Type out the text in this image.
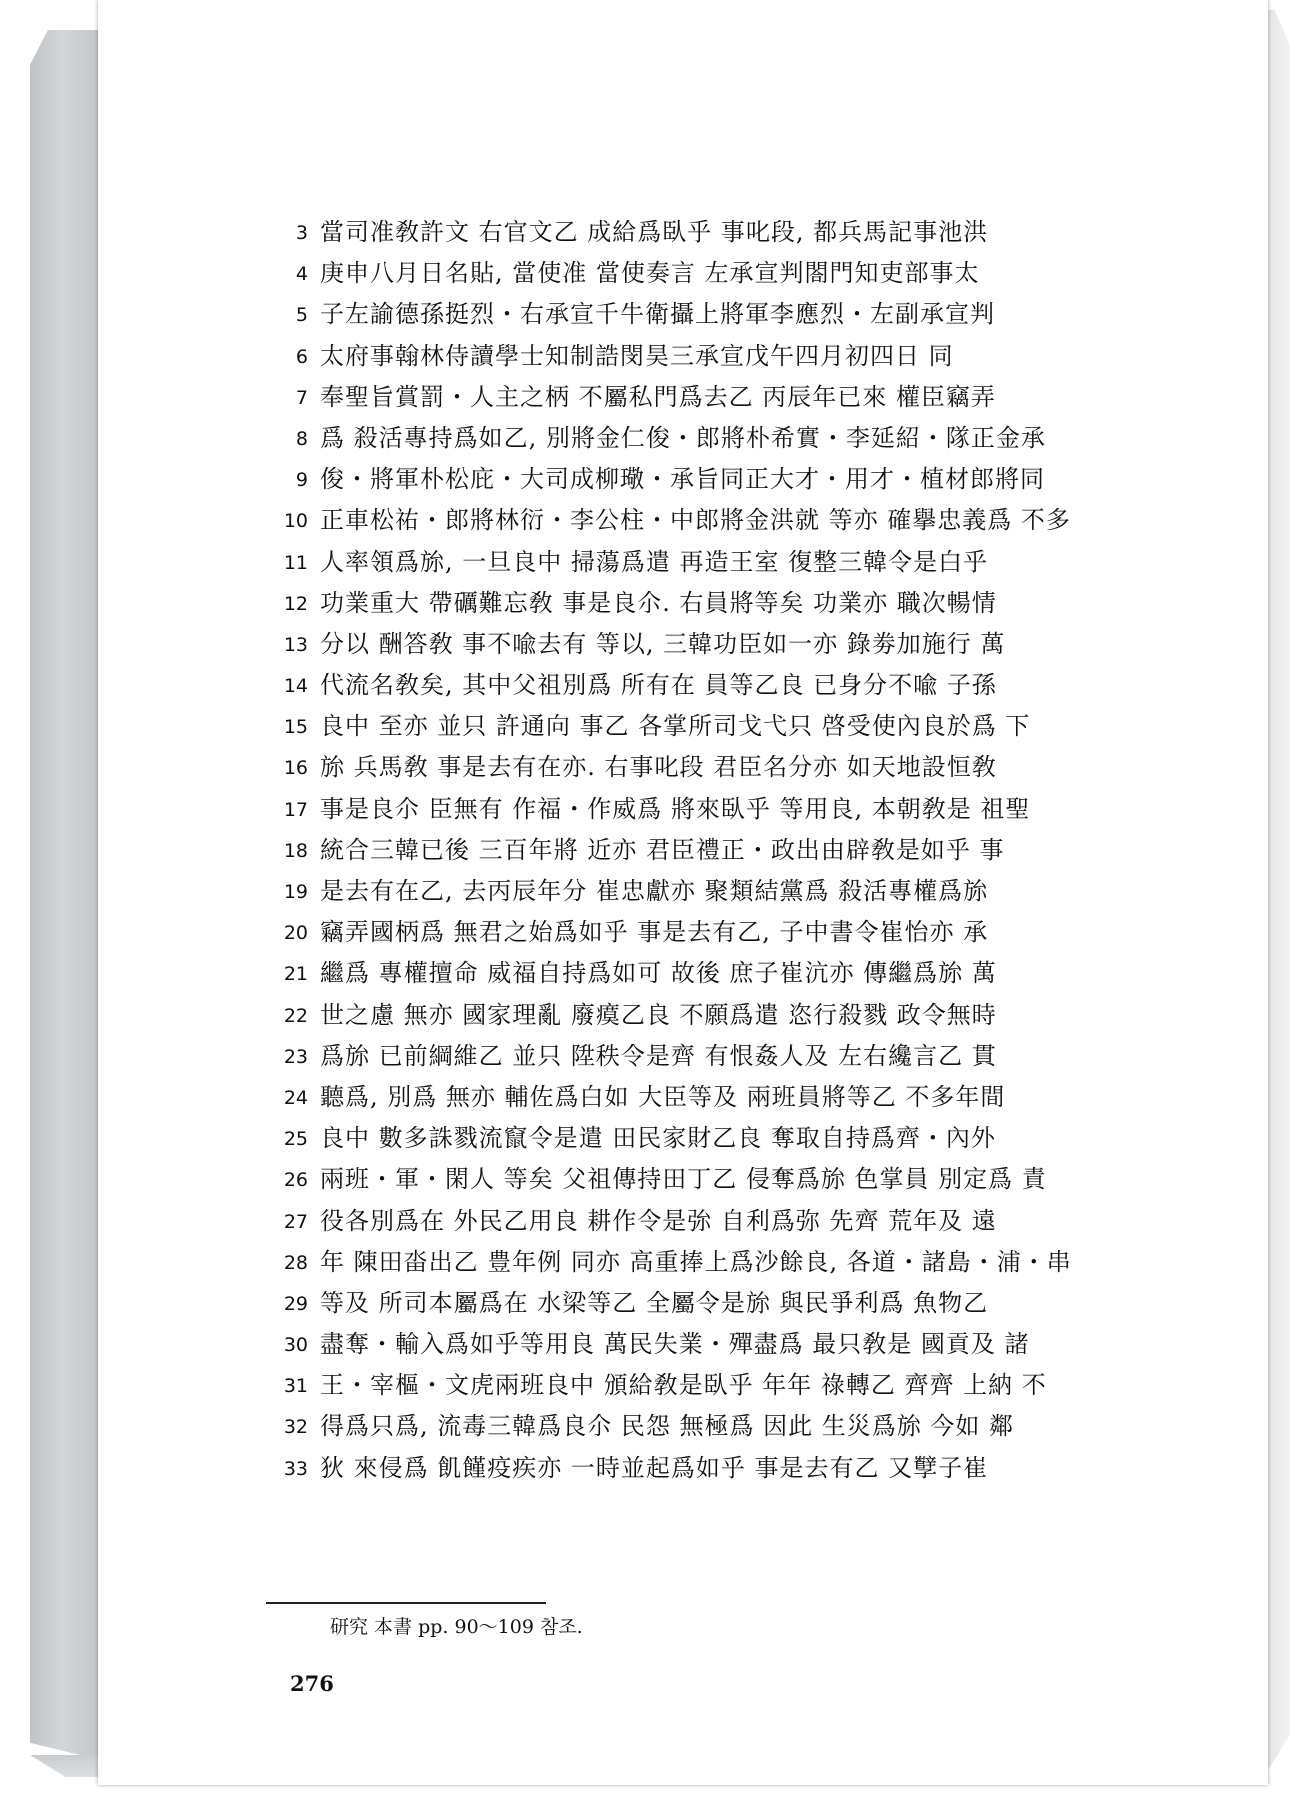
3 當司准敎許文 右官文乙 成給爲臥乎 事叱段, 都兵馬記事池洪
4 庚申八月日名貼, 當使准 當使奏言 左承宣判閤門知吏部事太
5 子左諭德孫挺烈・右承宣千牛衛攝上將軍李應烈・左副承宣判
6 太府事翰林侍讀學士知制誥閔昊三承宣戊午四月初四日 同
7 奉聖旨賞罰・人主之柄 不屬私門爲去乙 丙辰年已來 權臣竊弄
8 爲 殺活專持爲如乙, 別將金仁俊・郎將朴希實・李延紹・隊正金承
9 俊・將軍朴松庇・大司成柳璥・承旨同正大才・用才・植材郎將同
10 正車松祐・郎將林衍・李公柱・中郎將金洪就 等亦 確擧忠義爲 不多
11 人率領爲旀, 一旦良中 掃蕩爲遣 再造王室 復整三韓令是白乎
12 功業重大 帶礪難忘敎 事是良尒. 右員將等矣 功業亦 職次暢情
13 分以 酬答敎 事不喩去有 等以, 三韓功臣如一亦 錄劵加施行 萬
14 代流名敎矣, 其中父祖別爲 所有在 員等乙良 已身分不喩 子孫
15 良中 至亦 並只 許通向 事乙 各掌所司戈弋只 啓受使內良於爲 下
16 旀 兵馬敎 事是去有在亦. 右事叱段 君臣名分亦 如天地設恒敎
17 事是良尒 臣無有 作福・作威爲 將來臥乎 等用良, 本朝敎是 祖聖
18 統合三韓已後 三百年將 近亦 君臣禮正・政出由辟敎是如乎 事
19 是去有在乙, 去丙辰年分 崔忠獻亦 聚類結黨爲 殺活專權爲旀
20 竊弄國柄爲 無君之始爲如乎 事是去有乙, 子中書令崔怡亦 承
21 繼爲 專權擅命 威福自持爲如可 故後 庶子崔沆亦 傳繼爲旀 萬
22 世之慮 無亦 國家理亂 廢瘼乙良 不願爲遣 恣行殺戮 政令無時
23 爲旀 已前綱維乙 並只 陞秩令是齊 有恨姦人及 左右纔言乙 貫
24 聽爲, 別爲 無亦 輔佐爲白如 大臣等及 兩班員將等乙 不多年間
25 良中 數多誅戮流竄令是遣 田民家財乙良 奪取自持爲齊・內外
26 兩班・軍・閑人 等矣 父祖傳持田丁乙 侵奪爲旀 色掌員 別定爲 責
27 役各別爲在 外民乙用良 耕作令是㢱 自利爲弥 先齊 荒年及 遠
28 年 陳田畓出乙 豊年例 同亦 高重捧上爲沙餘良, 各道・諸島・浦・串
29 等及 所司本屬爲在 水梁等乙 全屬令是旀 與民爭利爲 魚物乙
30 盡奪・輸入爲如乎等用良 萬民失業・殫盡爲 最只敎是 國貢及 諸
31 王・宰樞・文虎兩班良中 頒給敎是臥乎 年年 祿轉乙 齊齊 上納 不
32 得爲只爲, 流毒三韓爲良尒 民怨 無極爲 因此 生災爲旀 今如 鄰
33 狄 來侵爲 飢饉疫疾亦 一時並起爲如乎 事是去有乙 又孼子崔
研究 本書 pp. 90〜109 참조.
276
